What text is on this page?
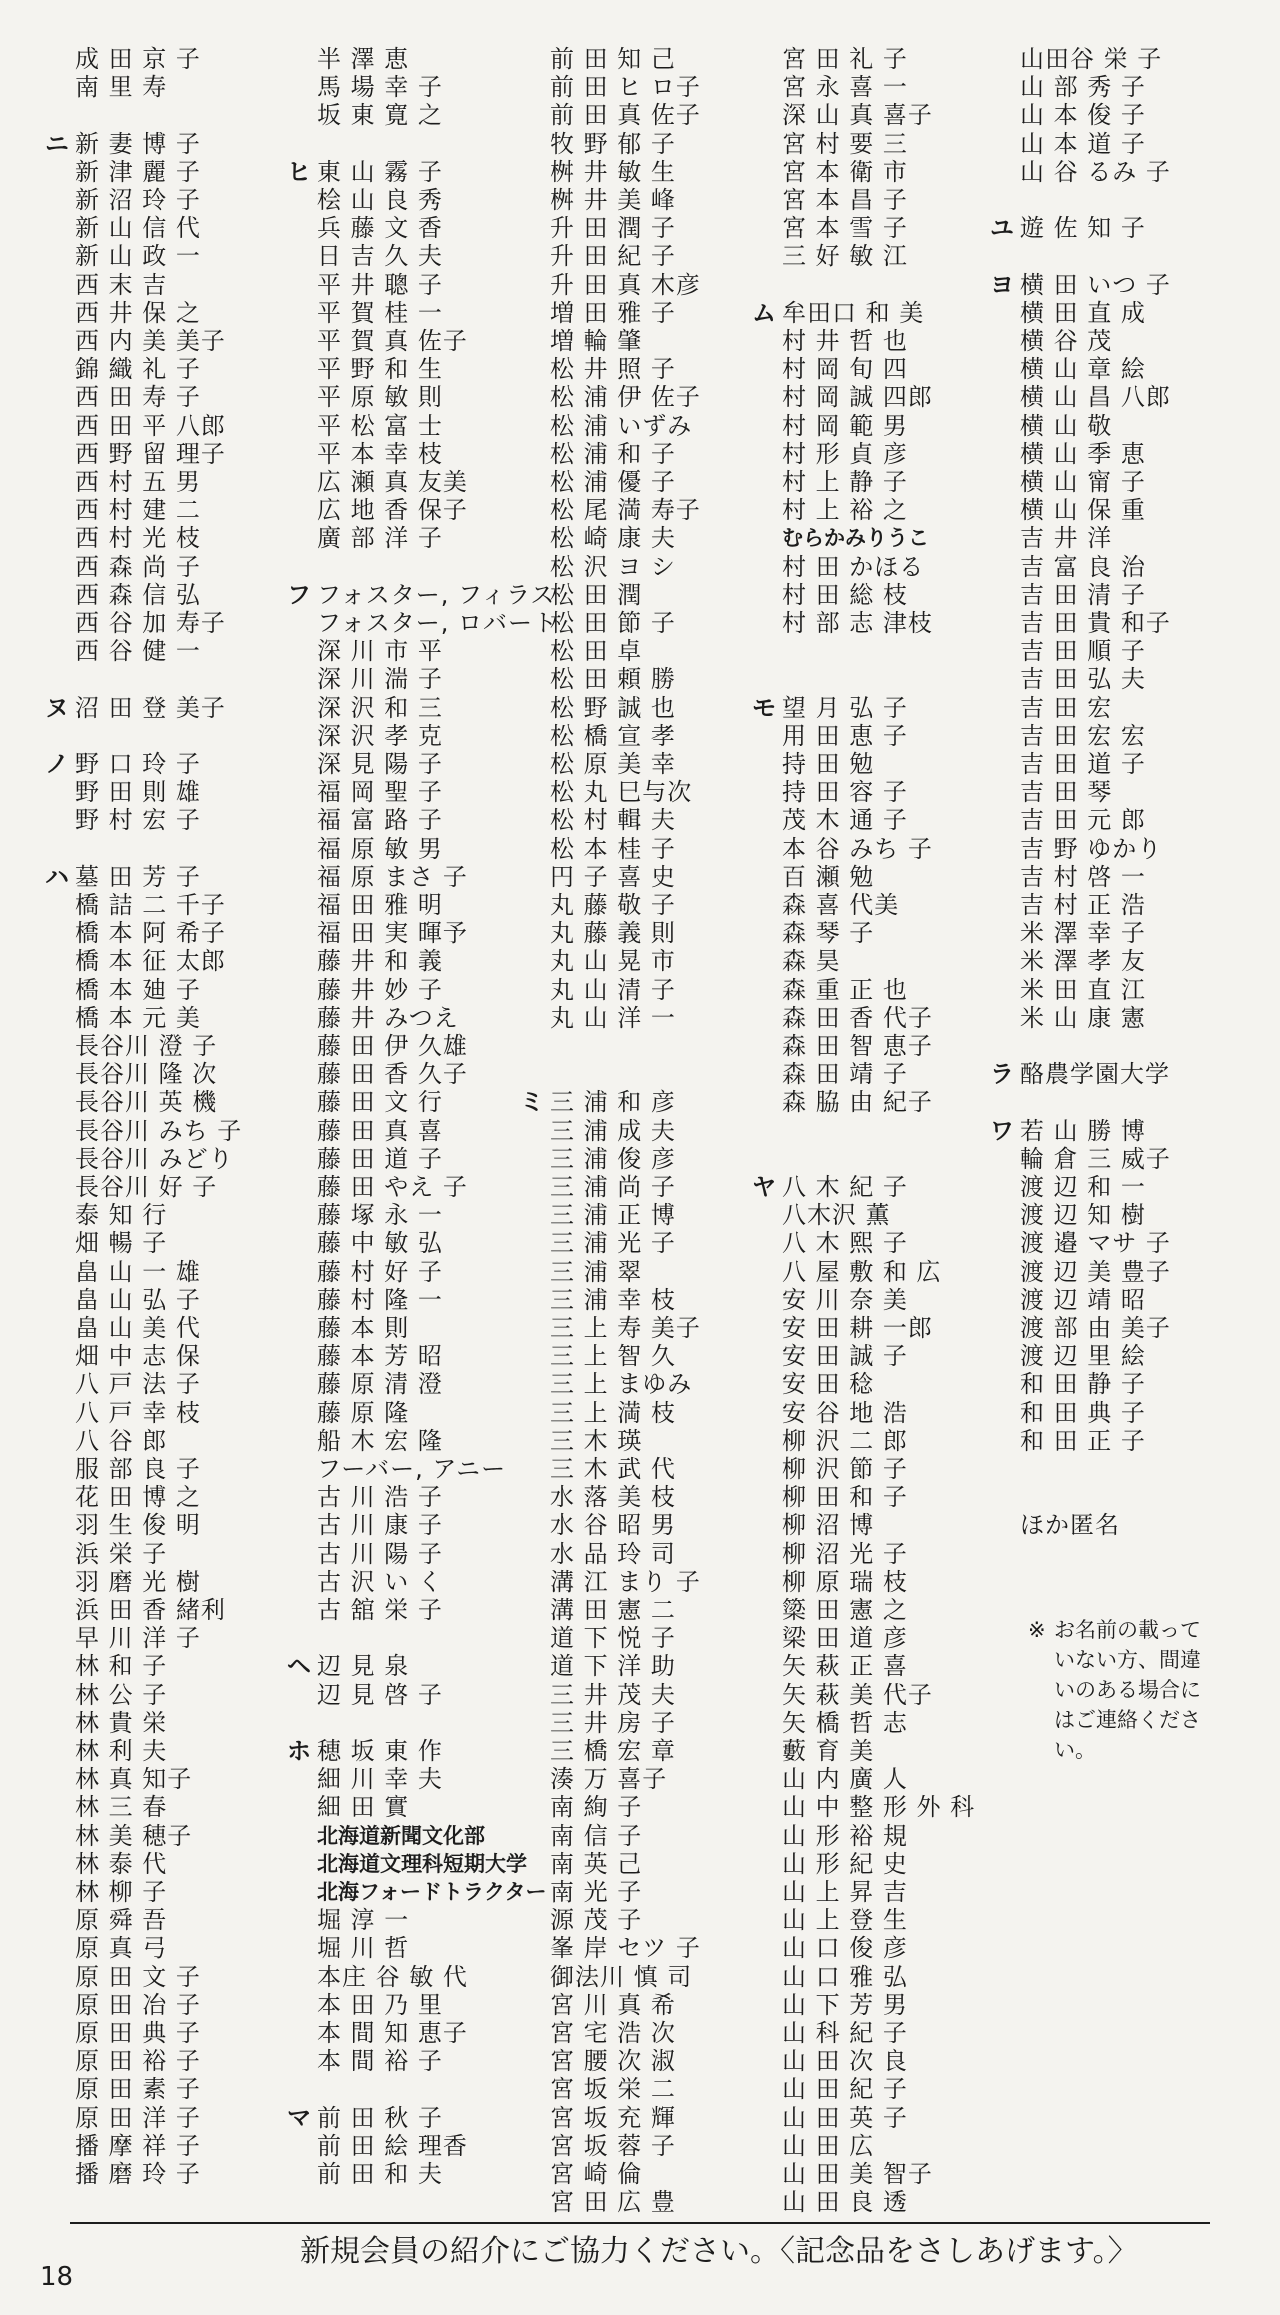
成 田 京 子
南 里 寿
ニ 新 妻 博 子
新 津 麗 子
新 沼 玲 子
新 山 信 代
新 山 政 一
西 末 吉
西 井 保 之
西 内 美 美子
錦 織 礼 子
西 田 寿 子
西 田 平 八郎
西 野 留 理子
西 村 五 男
西 村 建 二
西 村 光 枝
西 森 尚 子
西 森 信 弘
西 谷 加 寿子
西 谷 健 一
ヌ 沼 田 登 美子
ノ 野 口 玲 子
野 田 則 雄
野 村 宏 子
ハ 墓 田 芳 子
橋 詰 二 千子
橋 本 阿 希子
橋 本 征 太郎
橋 本 廸 子
橋 本 元 美
長谷川 澄 子
長谷川 隆 次
長谷川 英 機
長谷川 みち 子
長谷川 みどり
長谷川 好 子
泰 知 行
畑 暢 子
畠 山 一 雄
畠 山 弘 子
畠 山 美 代
畑 中 志 保
八 戸 法 子
八 戸 幸 枝
八 谷 郎
服 部 良 子
花 田 博 之
羽 生 俊 明
浜 栄 子
羽 磨 光 樹
浜 田 香 緒利
早 川 洋 子
林 和 子
林 公 子
林 貴 栄
林 利 夫
林 真 知子
林 三 春
林 美 穂子
林 泰 代
林 柳 子
原 舜 吾
原 真 弓
原 田 文 子
原 田 冶 子
原 田 典 子
原 田 裕 子
原 田 素 子
原 田 洋 子
播 摩 祥 子
播 磨 玲 子
半 澤 恵
馬 場 幸 子
坂 東 寛 之
ヒ 東 山 霧 子
桧 山 良 秀
兵 藤 文 香
日 吉 久 夫
平 井 聰 子
平 賀 桂 一
平 賀 真 佐子
平 野 和 生
平 原 敏 則
平 松 富 士
平 本 幸 枝
広 瀬 真 友美
広 地 香 保子
廣 部 洋 子
フ フォスター, フィラス
フォスター, ロバート
深 川 市 平
深 川 湍 子
深 沢 和 三
深 沢 孝 克
深 見 陽 子
福 岡 聖 子
福 富 路 子
福 原 敏 男
福 原 まさ 子
福 田 雅 明
福 田 実 暉予
藤 井 和 義
藤 井 妙 子
藤 井 みつえ
藤 田 伊 久雄
藤 田 香 久子
藤 田 文 行
藤 田 真 喜
藤 田 道 子
藤 田 やえ 子
藤 塚 永 一
藤 中 敏 弘
藤 村 好 子
藤 村 隆 一
藤 本 則
藤 本 芳 昭
藤 原 清 澄
藤 原 隆
船 木 宏 隆
フーバー, アニー
古 川 浩 子
古 川 康 子
古 川 陽 子
古 沢 い く
古 舘 栄 子
ヘ 辺 見 泉
辺 見 啓 子
ホ 穂 坂 東 作
細 川 幸 夫
細 田 實
北海道新聞文化部
北海道文理科短期大学
北海フォードトラクター
堀 淳 一
堀 川 哲
本庄 谷 敏 代
本 田 乃 里
本 間 知 恵子
本 間 裕 子
マ 前 田 秋 子
前 田 絵 理香
前 田 和 夫
前 田 知 己
前 田 ヒ ロ子
前 田 真 佐子
牧 野 郁 子
桝 井 敏 生
桝 井 美 峰
升 田 潤 子
升 田 紀 子
升 田 真 木彦
増 田 雅 子
増 輪 肇
松 井 照 子
松 浦 伊 佐子
松 浦 いずみ
松 浦 和 子
松 浦 優 子
松 尾 満 寿子
松 崎 康 夫
松 沢 ヨ シ
松 田 潤
松 田 節 子
松 田 卓
松 田 頼 勝
松 野 誠 也
松 橋 宣 孝
松 原 美 幸
松 丸 巳与次
松 村 輯 夫
松 本 桂 子
円 子 喜 史
丸 藤 敬 子
丸 藤 義 則
丸 山 晃 市
丸 山 清 子
丸 山 洋 一
ミ 三 浦 和 彦
三 浦 成 夫
三 浦 俊 彦
三 浦 尚 子
三 浦 正 博
三 浦 光 子
三 浦 翠
三 浦 幸 枝
三 上 寿 美子
三 上 智 久
三 上 まゆみ
三 上 満 枝
三 木 瑛
三 木 武 代
水 落 美 枝
水 谷 昭 男
水 品 玲 司
溝 江 まり 子
溝 田 憲 二
道 下 悦 子
道 下 洋 助
三 井 茂 夫
三 井 房 子
三 橋 宏 章
湊 万 喜子
南 絢 子
南 信 子
南 英 己
南 光 子
源 茂 子
峯 岸 セツ 子
御法川 慎 司
宮 川 真 希
宮 宅 浩 次
宮 腰 次 淑
宮 坂 栄 二
宮 坂 充 輝
宮 坂 蓉 子
宮 崎 倫
宮 田 広 豊
宮 田 礼 子
宮 永 喜 一
深 山 真 喜子
宮 村 要 三
宮 本 衛 市
宮 本 昌 子
宮 本 雪 子
三 好 敏 江
ム 牟田口 和 美
村 井 哲 也
村 岡 旬 四
村 岡 誠 四郎
村 岡 範 男
村 形 貞 彦
村 上 静 子
村 上 裕 之
むらかみりうこ
村 田 かほる
村 田 総 枝
村 部 志 津枝
モ 望 月 弘 子
用 田 恵 子
持 田 勉
持 田 容 子
茂 木 通 子
本 谷 みち 子
百 瀬 勉
森 喜 代美
森 琴 子
森 昊
森 重 正 也
森 田 香 代子
森 田 智 恵子
森 田 靖 子
森 脇 由 紀子
ヤ 八 木 紀 子
八木沢 薫
八 木 熙 子
八 屋 敷 和 広
安 川 奈 美
安 田 耕 一郎
安 田 誠 子
安 田 稔
安 谷 地 浩
柳 沢 二 郎
柳 沢 節 子
柳 田 和 子
柳 沼 博
柳 沼 光 子
柳 原 瑞 枝
簗 田 憲 之
梁 田 道 彦
矢 萩 正 喜
矢 萩 美 代子
矢 橋 哲 志
藪 育 美
山 内 廣 人
山 中 整 形 外 科
山 形 裕 規
山 形 紀 史
山 上 昇 吉
山 上 登 生
山 口 俊 彦
山 口 雅 弘
山 下 芳 男
山 科 紀 子
山 田 次 良
山 田 紀 子
山 田 英 子
山 田 広
山 田 美 智子
山 田 良 透
山田谷 栄 子
山 部 秀 子
山 本 俊 子
山 本 道 子
山 谷 るみ 子
ユ 遊 佐 知 子
ヨ 横 田 いつ 子
横 田 直 成
横 谷 茂
横 山 章 絵
横 山 昌 八郎
横 山 敬
横 山 季 恵
横 山 甯 子
横 山 保 重
吉 井 洋
吉 富 良 治
吉 田 清 子
吉 田 貴 和子
吉 田 順 子
吉 田 弘 夫
吉 田 宏
吉 田 宏 宏
吉 田 道 子
吉 田 琴
吉 田 元 郎
吉 野 ゆかり
吉 村 啓 一
吉 村 正 浩
米 澤 幸 子
米 澤 孝 友
米 田 直 江
米 山 康 憲
ラ 酪農学園大学
ワ 若 山 勝 博
輪 倉 三 威子
渡 辺 和 一
渡 辺 知 樹
渡 邉 マサ 子
渡 辺 美 豊子
渡 辺 靖 昭
渡 部 由 美子
渡 辺 里 絵
和 田 静 子
和 田 典 子
和 田 正 子
ほか匿名
※ お名前の載っていない方、間違いのある場合にはご連絡ください。
新規会員の紹介にご協力ください。〈記念品をさしあげます。〉
18
